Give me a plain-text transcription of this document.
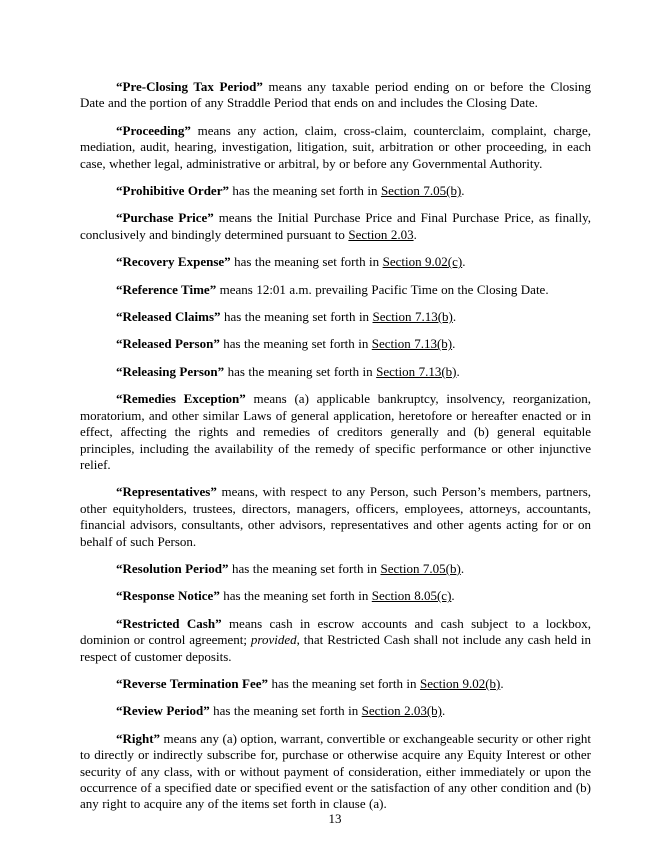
“Pre-Closing Tax Period” means any taxable period ending on or before the Closing Date and the portion of any Straddle Period that ends on and includes the Closing Date.

“Proceeding” means any action, claim, cross-claim, counterclaim, complaint, charge, mediation, audit, hearing, investigation, litigation, suit, arbitration or other proceeding, in each case, whether legal, administrative or arbitral, by or before any Governmental Authority.

“Prohibitive Order” has the meaning set forth in Section 7.05(b).

“Purchase Price” means the Initial Purchase Price and Final Purchase Price, as finally, conclusively and bindingly determined pursuant to Section 2.03.

“Recovery Expense” has the meaning set forth in Section 9.02(c).

“Reference Time” means 12:01 a.m. prevailing Pacific Time on the Closing Date.

“Released Claims” has the meaning set forth in Section 7.13(b).

“Released Person” has the meaning set forth in Section 7.13(b).

“Releasing Person” has the meaning set forth in Section 7.13(b).

“Remedies Exception” means (a) applicable bankruptcy, insolvency, reorganization, moratorium, and other similar Laws of general application, heretofore or hereafter enacted or in effect, affecting the rights and remedies of creditors generally and (b) general equitable principles, including the availability of the remedy of specific performance or other injunctive relief.

“Representatives” means, with respect to any Person, such Person’s members, partners, other equityholders, trustees, directors, managers, officers, employees, attorneys, accountants, financial advisors, consultants, other advisors, representatives and other agents acting for or on behalf of such Person.

“Resolution Period” has the meaning set forth in Section 7.05(b).

“Response Notice” has the meaning set forth in Section 8.05(c).

“Restricted Cash” means cash in escrow accounts and cash subject to a lockbox, dominion or control agreement; provided, that Restricted Cash shall not include any cash held in respect of customer deposits.

“Reverse Termination Fee” has the meaning set forth in Section 9.02(b).

“Review Period” has the meaning set forth in Section 2.03(b).

“Right” means any (a) option, warrant, convertible or exchangeable security or other right to directly or indirectly subscribe for, purchase or otherwise acquire any Equity Interest or other security of any class, with or without payment of consideration, either immediately or upon the occurrence of a specified date or specified event or the satisfaction of any other condition and (b) any right to acquire any of the items set forth in clause (a).

13
